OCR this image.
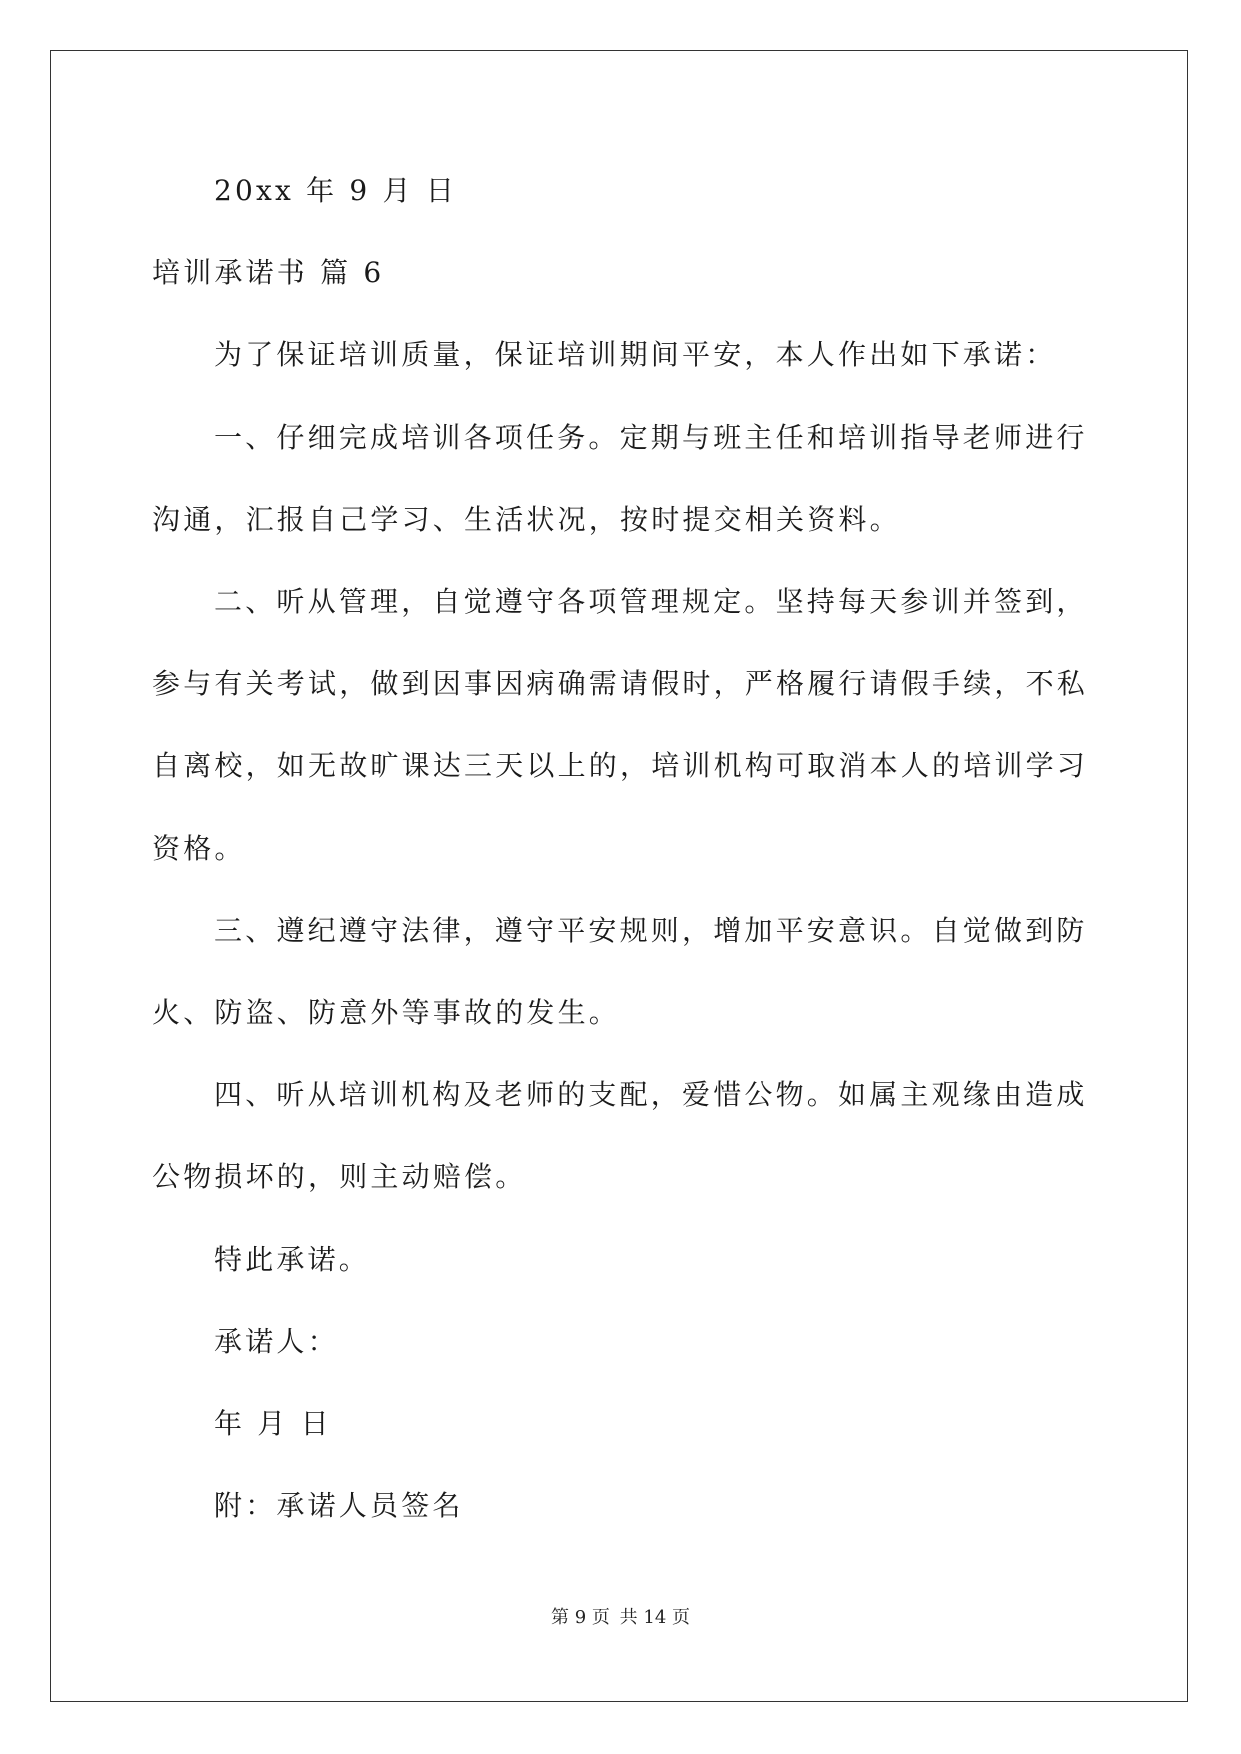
20xx 年 9 月 日
培训承诺书 篇 6
为了保证培训质量，保证培训期间平安，本人作出如下承诺：
一、仔细完成培训各项任务。定期与班主任和培训指导老师进行
沟通，汇报自己学习、生活状况，按时提交相关资料。
二、听从管理，自觉遵守各项管理规定。坚持每天参训并签到，
参与有关考试，做到因事因病确需请假时，严格履行请假手续，不私
自离校，如无故旷课达三天以上的，培训机构可取消本人的培训学习
资格。
三、遵纪遵守法律，遵守平安规则，增加平安意识。自觉做到防
火、防盗、防意外等事故的发生。
四、听从培训机构及老师的支配，爱惜公物。如属主观缘由造成
公物损坏的，则主动赔偿。
特此承诺。
承诺人：
年 月 日
附：承诺人员签名
第 9 页 共 14 页
